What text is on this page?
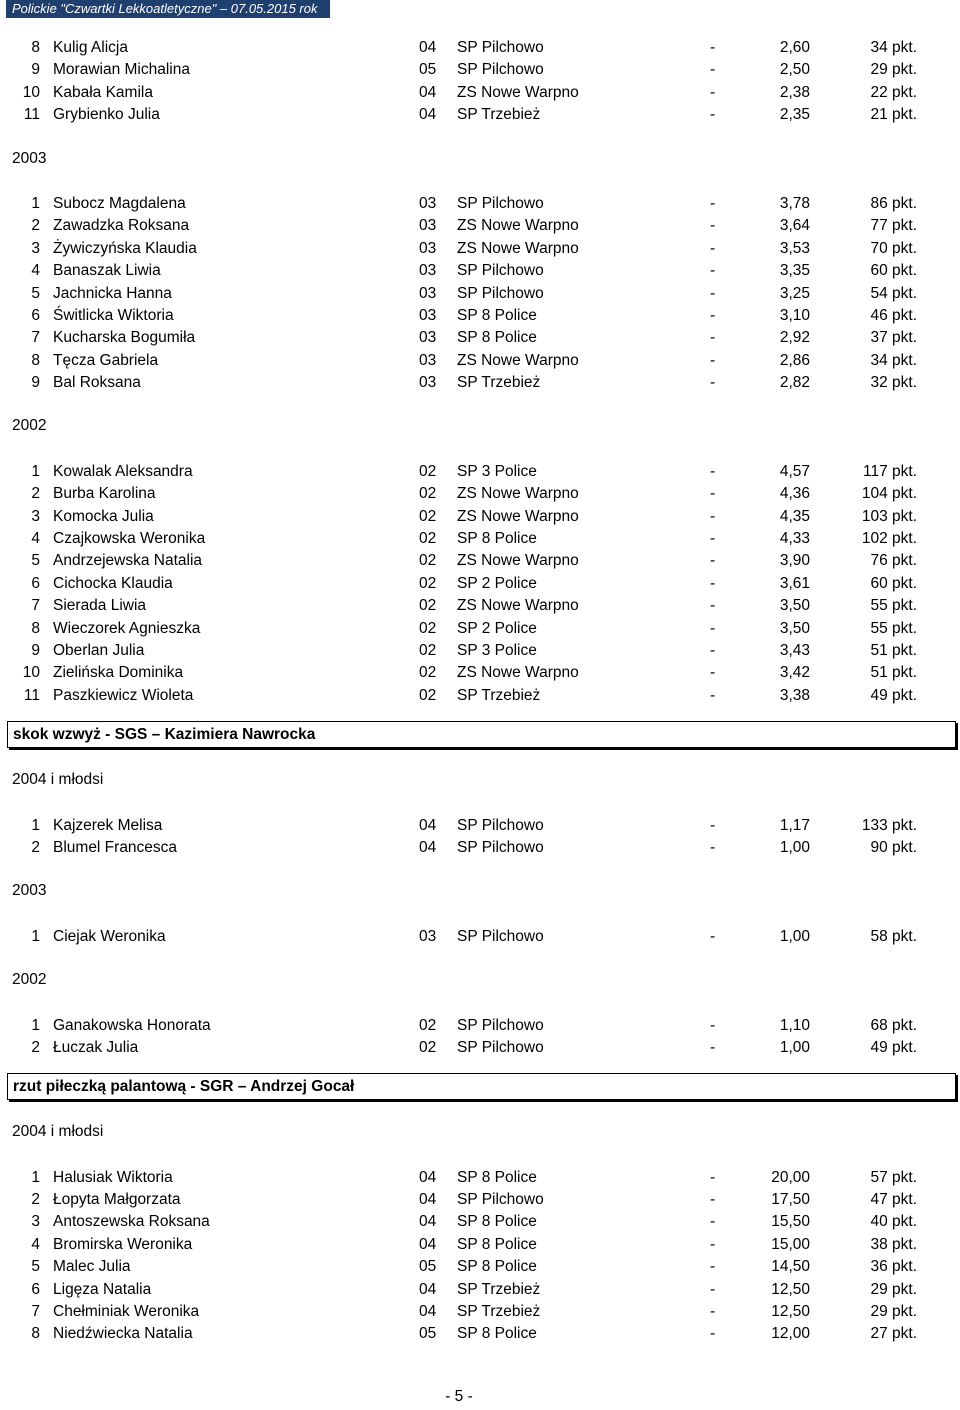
Polickie "Czwartki Lekkoatletyczne" – 07.05.2015 rok
8 Kulig Alicja	04 SP Pilchowo	-	2,60	34 pkt.
9 Morawian Michalina	05 SP Pilchowo	-	2,50	29 pkt.
10 Kabała Kamila	04 ZS Nowe Warpno	-	2,38	22 pkt.
11 Grybienko Julia	04 SP Trzebież	-	2,35	21 pkt.
2003
1 Subocz Magdalena	03 SP Pilchowo	-	3,78	86 pkt.
2 Zawadzka Roksana	03 ZS Nowe Warpno	-	3,64	77 pkt.
3 Żywiczyńska Klaudia	03 ZS Nowe Warpno	-	3,53	70 pkt.
4 Banaszak Liwia	03 SP Pilchowo	-	3,35	60 pkt.
5 Jachnicka Hanna	03 SP Pilchowo	-	3,25	54 pkt.
6 Świtlicka Wiktoria	03 SP 8 Police	-	3,10	46 pkt.
7 Kucharska Bogumiła	03 SP 8 Police	-	2,92	37 pkt.
8 Tęcza Gabriela	03 ZS Nowe Warpno	-	2,86	34 pkt.
9 Bal Roksana	03 SP Trzebież	-	2,82	32 pkt.
2002
1 Kowalak Aleksandra	02 SP 3 Police	-	4,57	117 pkt.
2 Burba Karolina	02 ZS Nowe Warpno	-	4,36	104 pkt.
3 Komocka Julia	02 ZS Nowe Warpno	-	4,35	103 pkt.
4 Czajkowska Weronika	02 SP 8 Police	-	4,33	102 pkt.
5 Andrzejewska Natalia	02 ZS Nowe Warpno	-	3,90	76 pkt.
6 Cichocka Klaudia	02 SP 2 Police	-	3,61	60 pkt.
7 Sierada Liwia	02 ZS Nowe Warpno	-	3,50	55 pkt.
8 Wieczorek Agnieszka	02 SP 2 Police	-	3,50	55 pkt.
9 Oberlan Julia	02 SP 3 Police	-	3,43	51 pkt.
10 Zielińska Dominika	02 ZS Nowe Warpno	-	3,42	51 pkt.
11 Paszkiewicz Wioleta	02 SP Trzebież	-	3,38	49 pkt.
skok wzwyż - SGS – Kazimiera Nawrocka
2004 i młodsi
1 Kajzerek Melisa	04 SP Pilchowo	-	1,17	133 pkt.
2 Blumel Francesca	04 SP Pilchowo	-	1,00	90 pkt.
2003
1 Ciejak Weronika	03 SP Pilchowo	-	1,00	58 pkt.
2002
1 Ganakowska Honorata	02 SP Pilchowo	-	1,10	68 pkt.
2 Łuczak Julia	02 SP Pilchowo	-	1,00	49 pkt.
rzut piłeczką palantową - SGR – Andrzej Gocał
2004 i młodsi
1 Halusiak Wiktoria	04 SP 8 Police	-	20,00	57 pkt.
2 Łopyta Małgorzata	04 SP Pilchowo	-	17,50	47 pkt.
3 Antoszewska Roksana	04 SP 8 Police	-	15,50	40 pkt.
4 Bromirska Weronika	04 SP 8 Police	-	15,00	38 pkt.
5 Malec Julia	05 SP 8 Police	-	14,50	36 pkt.
6 Ligęza Natalia	04 SP Trzebież	-	12,50	29 pkt.
7 Chełminiak Weronika	04 SP Trzebież	-	12,50	29 pkt.
8 Niedźwiecka Natalia	05 SP 8 Police	-	12,00	27 pkt.
- 5 -
